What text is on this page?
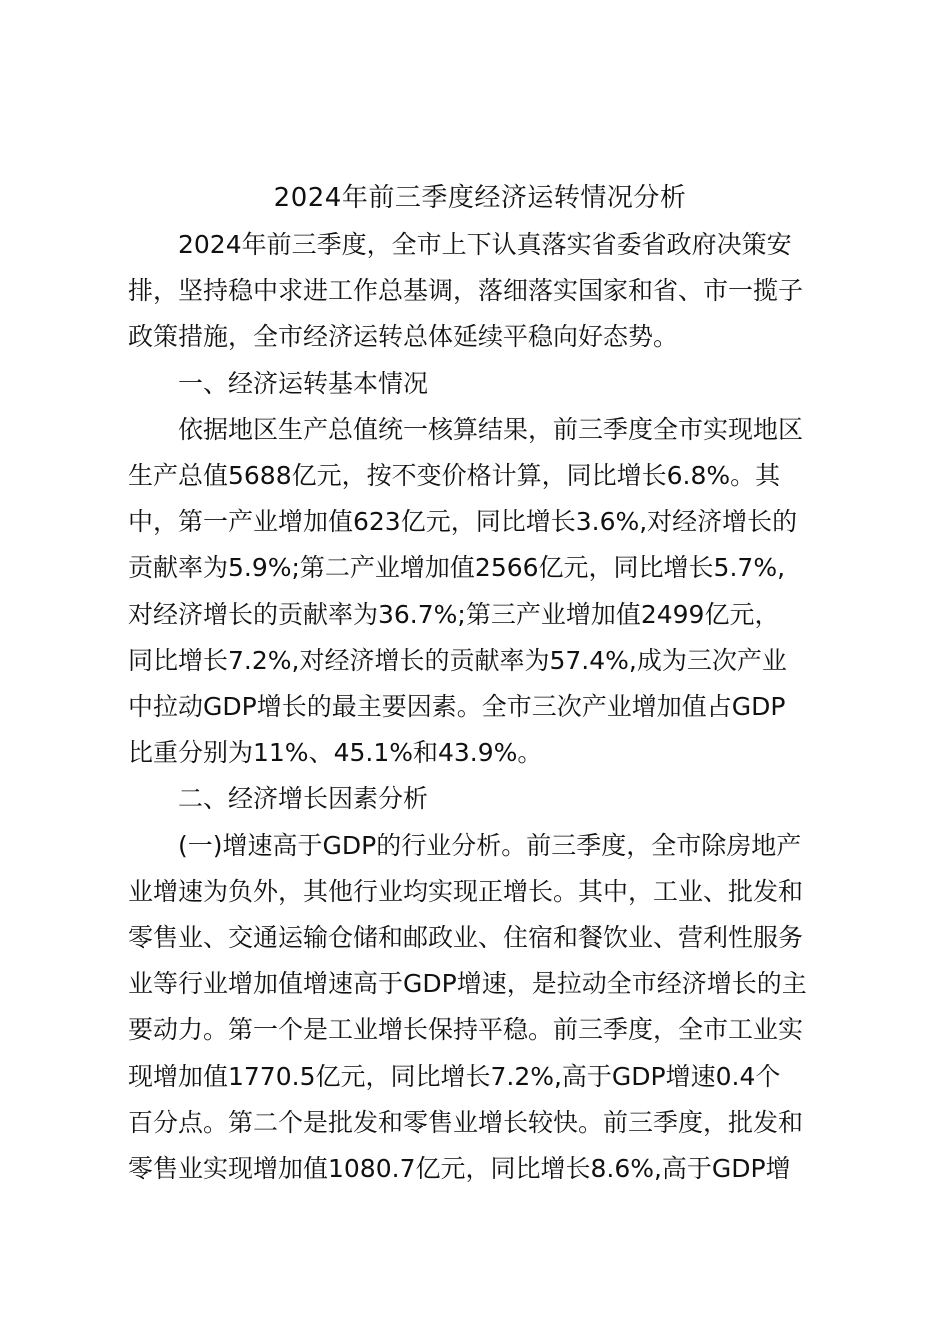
2024年前三季度经济运转情况分析
　　2024年前三季度，全市上下认真落实省委省政府决策安
排，坚持稳中求进工作总基调，落细落实国家和省、市一揽子
政策措施，全市经济运转总体延续平稳向好态势。
　　一、经济运转基本情况
　　依据地区生产总值统一核算结果，前三季度全市实现地区
生产总值5688亿元，按不变价格计算，同比增长6.8%。其
中，第一产业增加值623亿元，同比增长3.6%,对经济增长的
贡献率为5.9%;第二产业增加值2566亿元，同比增长5.7%,
对经济增长的贡献率为36.7%;第三产业增加值2499亿元，
同比增长7.2%,对经济增长的贡献率为57.4%,成为三次产业
中拉动GDP增长的最主要因素。全市三次产业增加值占GDP
比重分别为11%、45.1%和43.9%。
　　二、经济增长因素分析
　　(一)增速高于GDP的行业分析。前三季度，全市除房地产
业增速为负外，其他行业均实现正增长。其中，工业、批发和
零售业、交通运输仓储和邮政业、住宿和餐饮业、营利性服务
业等行业增加值增速高于GDP增速，是拉动全市经济增长的主
要动力。第一个是工业增长保持平稳。前三季度，全市工业实
现增加值1770.5亿元，同比增长7.2%,高于GDP增速0.4个
百分点。第二个是批发和零售业增长较快。前三季度，批发和
零售业实现增加值1080.7亿元，同比增长8.6%,高于GDP增
